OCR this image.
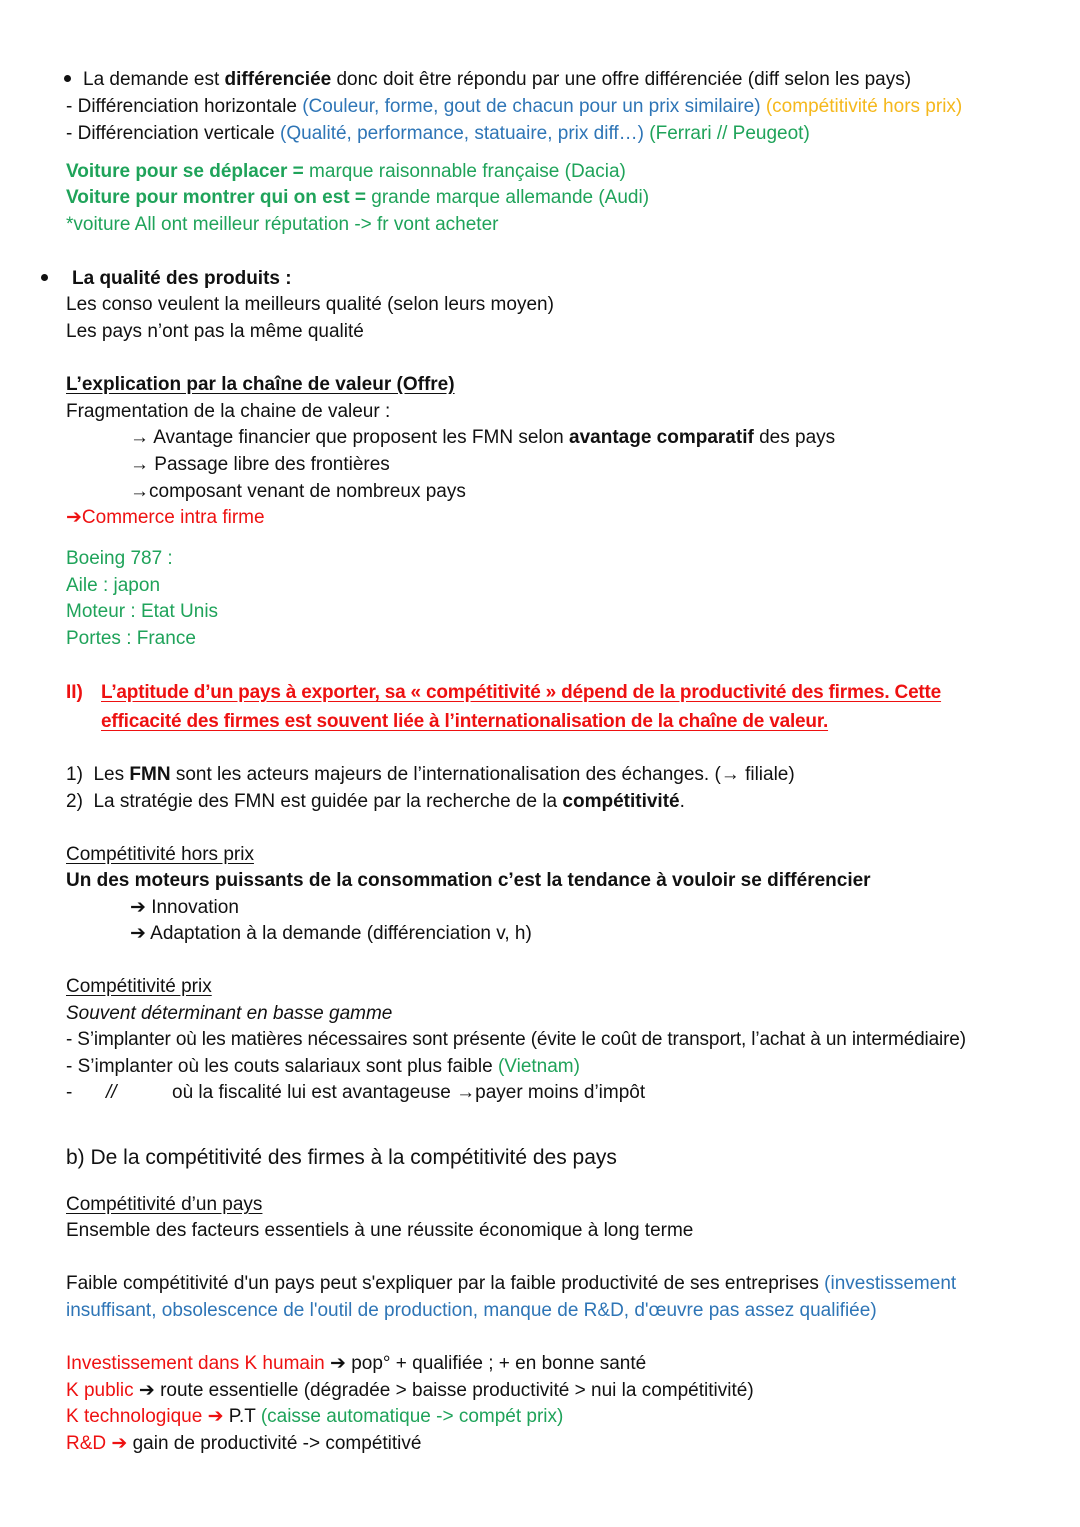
La demande est différenciée donc doit être répondu par une offre différenciée (diff selon les pays)
- Différenciation horizontale (Couleur, forme, gout de chacun pour un prix similaire) (compétitivité hors prix)
- Différenciation verticale (Qualité, performance, statuaire, prix diff…) (Ferrari // Peugeot)
Voiture pour se déplacer = marque raisonnable française (Dacia)
Voiture pour montrer qui on est = grande marque allemande (Audi)
*voiture All ont meilleur réputation -> fr vont acheter
La qualité des produits :
Les conso veulent la meilleurs qualité (selon leurs moyen)
Les pays n’ont pas la même qualité
L’explication par la chaîne de valeur (Offre)
Fragmentation de la chaine de valeur :
→ Avantage financier que proposent les FMN selon avantage comparatif des pays
→ Passage libre des frontières
→composant venant de nombreux pays
➔Commerce intra firme
Boeing 787 :
Aile : japon
Moteur : Etat Unis
Portes : France
II) L’aptitude d’un pays à exporter, sa « compétitivité » dépend de la productivité des firmes. Cette
efficacité des firmes est souvent liée à l’internationalisation de la chaîne de valeur.
1) Les FMN sont les acteurs majeurs de l’internationalisation des échanges. (→ filiale)
2) La stratégie des FMN est guidée par la recherche de la compétitivité.
Compétitivité hors prix
Un des moteurs puissants de la consommation c’est la tendance à vouloir se différencier
➔ Innovation
➔ Adaptation à la demande (différenciation v, h)
Compétitivité prix
Souvent déterminant en basse gamme
- S’implanter où les matières nécessaires sont présente (évite le coût de transport, l’achat à un intermédiaire)
- S’implanter où les couts salariaux sont plus faible (Vietnam)
- //	où la fiscalité lui est avantageuse →payer moins d’impôt
b) De la compétitivité des firmes à la compétitivité des pays
Compétitivité d’un pays
Ensemble des facteurs essentiels à une réussite économique à long terme
Faible compétitivité d'un pays peut s'expliquer par la faible productivité de ses entreprises (investissement
insuffisant, obsolescence de l'outil de production, manque de R&D, d'œuvre pas assez qualifiée)
Investissement dans K humain ➔ pop° + qualifiée ; + en bonne santé
K public ➔ route essentielle (dégradée > baisse productivité > nui la compétitivité)
K technologique ➔ P.T (caisse automatique -> compét prix)
R&D ➔ gain de productivité -> compétitivé
